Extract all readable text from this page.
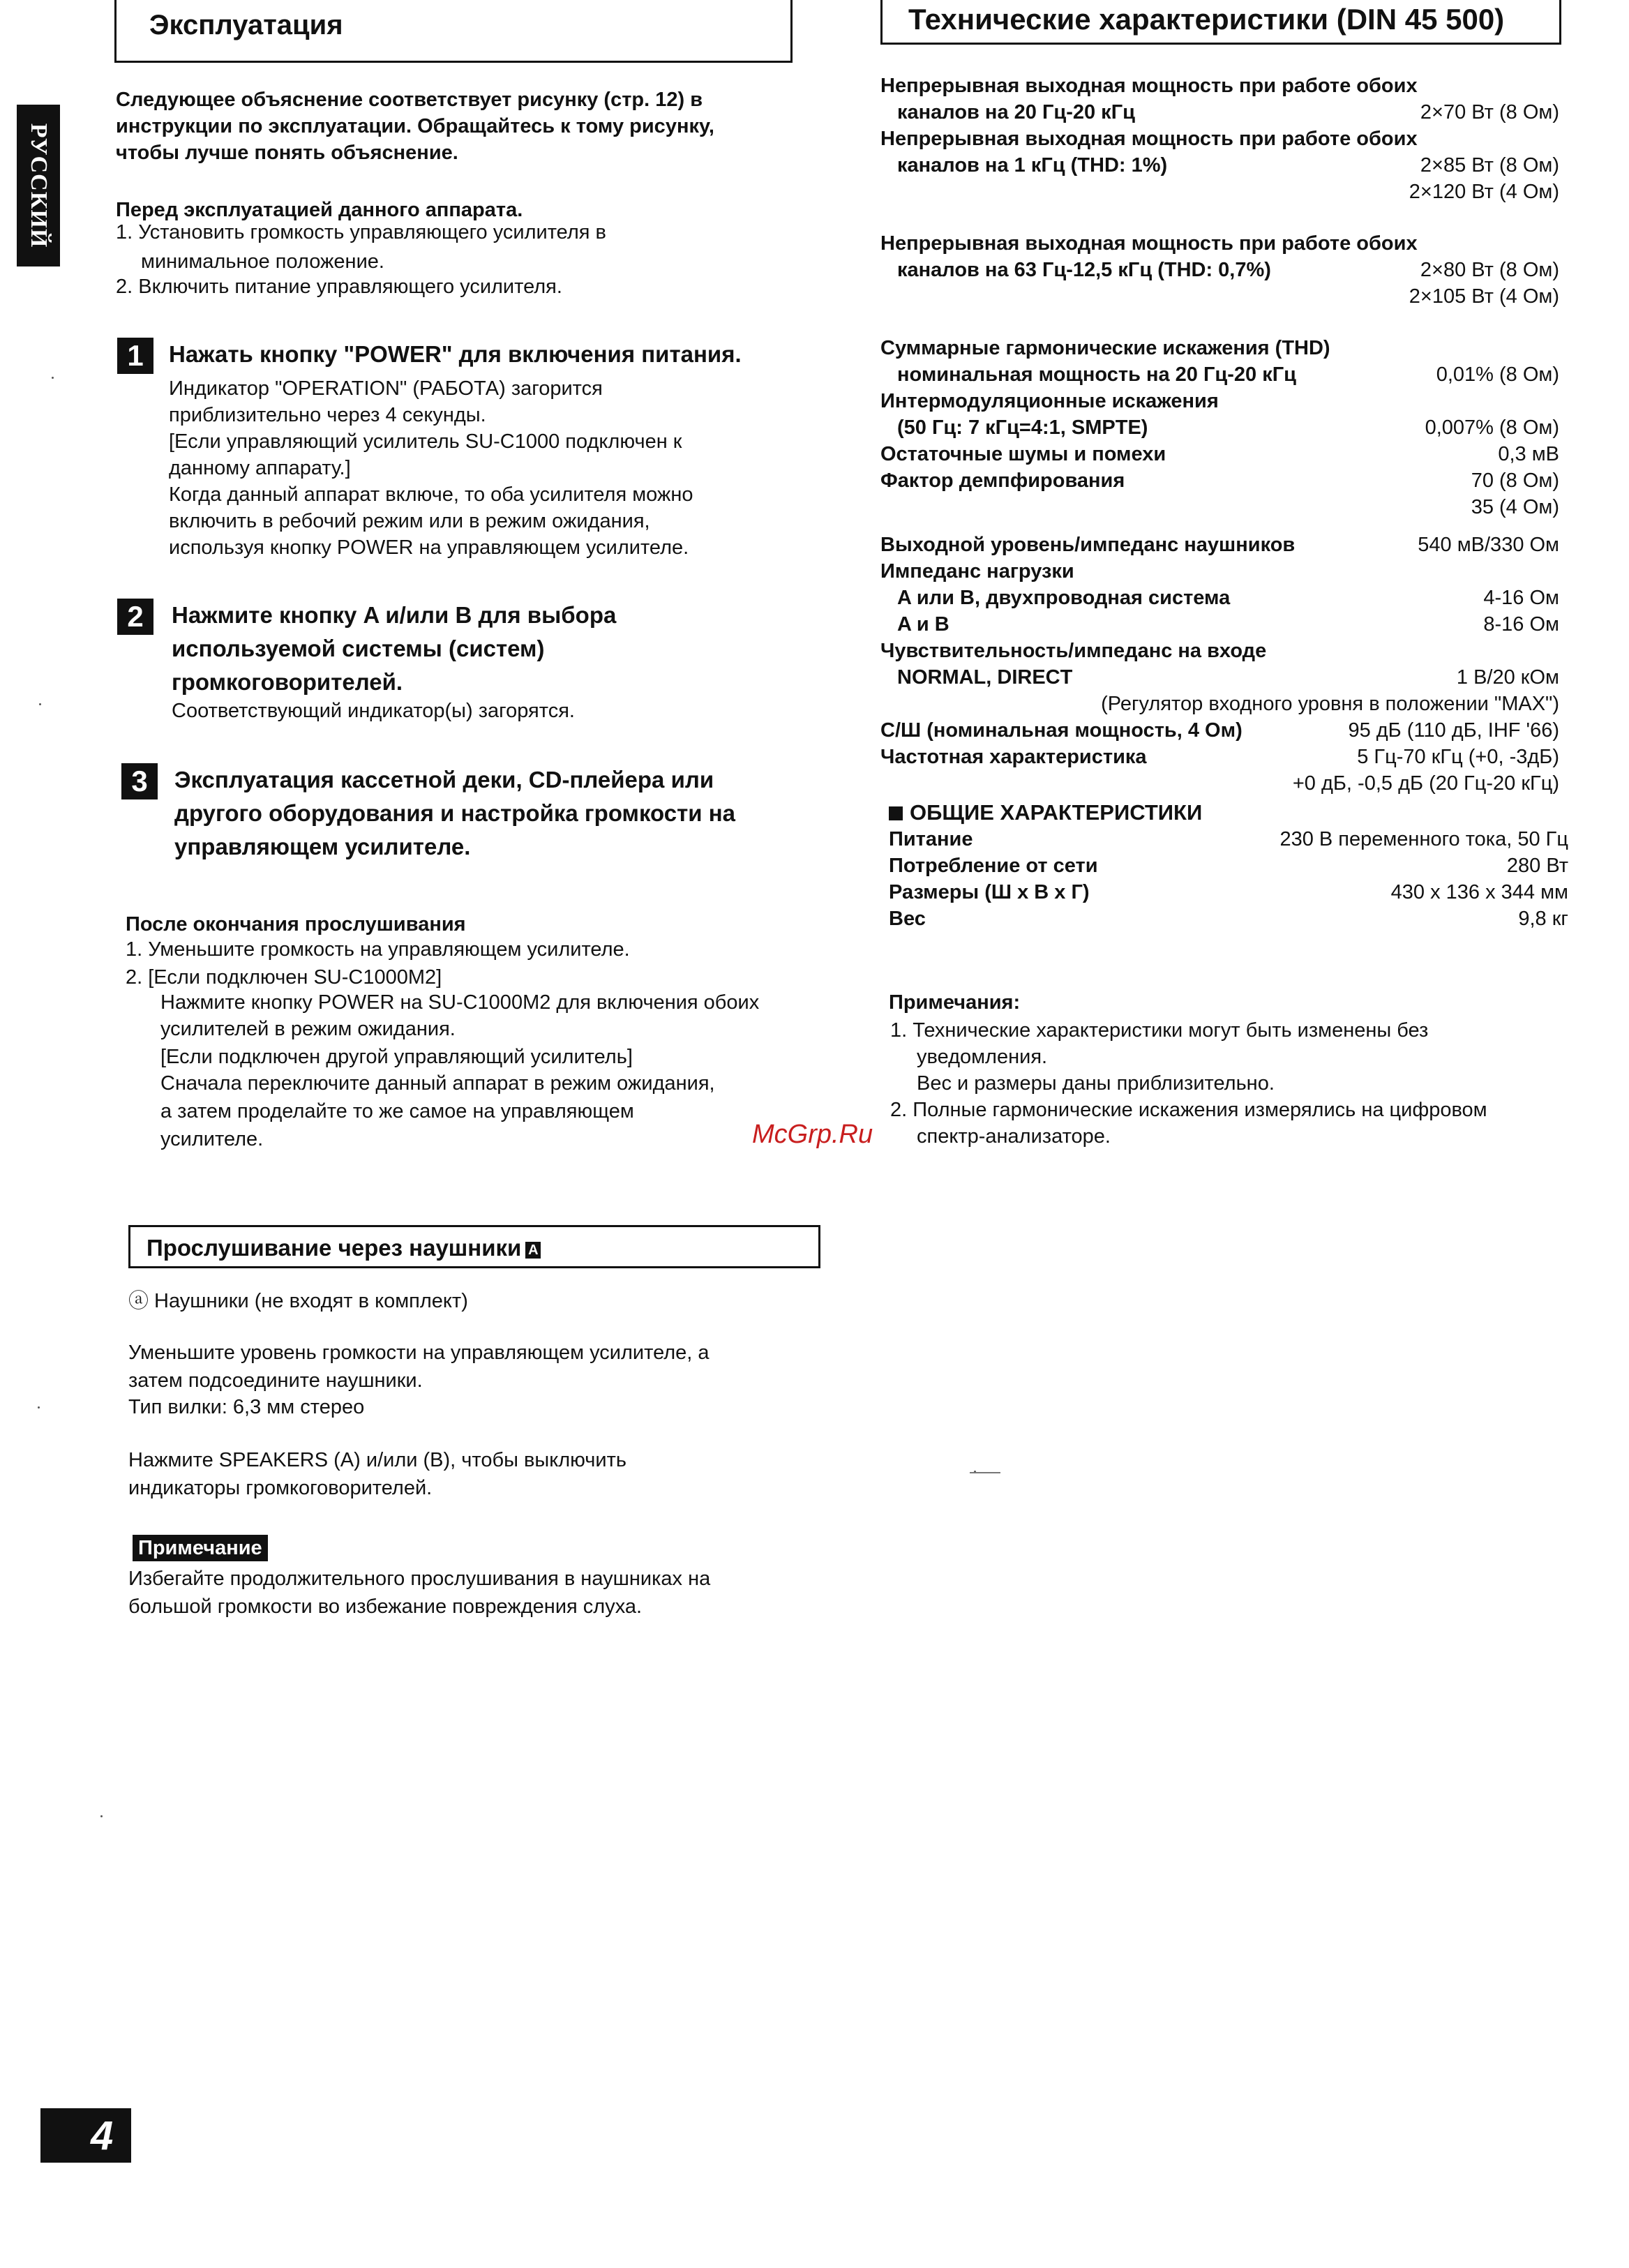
РУССКИЙ
Эксплуатация
Следующее объяснение соответствует рисунку (стр. 12) в
инструкции по эксплуатации. Обращайтесь к тому рисунку,
чтобы лучше понять объяснение.
Перед эксплуатацией данного аппарата.
1. Установить громкость управляющего усилителя в
минимальное положение.
2. Включить питание управляющего усилителя.
1	Нажать кнопку "POWER" для включения питания.
Индикатор "OPERATION" (РАБОТА) загорится
приблизительно через 4 секунды.
[Если управляющий усилитель SU-C1000 подключен к
данному аппарату.]
Когда данный аппарат включе, то оба усилителя можно
включить в ребочий режим или в режим ожидания,
используя кнопку POWER на управляющем усилителе.
2	Нажмите кнопку A и/или B для выбора
используемой системы (систем)
громкоговорителей.
Соответствующий индикатор(ы) загорятся.
3	Эксплуатация кассетной деки, CD-плейера или
другого оборудования и настройка громкости на
управляющем усилителе.
После окончания прослушивания
1. Уменьшите громкость на управляющем усилителе.
2. [Если подключен SU-C1000M2]
Нажмите кнопку POWER на SU-C1000M2 для включения обоих
усилителей в режим ожидания.
[Если подключен другой управляющий усилитель]
Сначала переключите данный аппарат в режим ожидания,
а затем проделайте то же самое на управляющем
усилителе.	McGrp.Ru
Прослушивание через наушники A
ⓐ Наушники (не входят в комплект)
Уменьшите уровень громкости на управляющем усилителе, а
затем подсоедините наушники.
Тип вилки: 6,3 мм стерео
Нажмите SPEAKERS (A) и/или (B), чтобы выключить
индикаторы громкоговорителей.
Примечание
Избегайте продолжительного прослушивания в наушниках на
большой громкости во избежание повреждения слуха.
Технические характеристики (DIN 45 500)
Непрерывная выходная мощность при работе обоих
каналов на 20 Гц-20 кГц	2×70 Вт (8 Ом)
Непрерывная выходная мощность при работе обоих
каналов на 1 кГц (THD: 1%)	2×85 Вт (8 Ом)
2×120 Вт (4 Ом)
Непрерывная выходная мощность при работе обоих
каналов на 63 Гц-12,5 кГц (THD: 0,7%)	2×80 Вт (8 Ом)
2×105 Вт (4 Ом)
Суммарные гармонические искажения (THD)
номинальная мощность на 20 Гц-20 кГц	0,01% (8 Ом)
Интермодуляционные искажения
(50 Гц: 7 кГц=4:1, SMPTE)	0,007% (8 Ом)
Остаточные шумы и помехи	0,3 мВ
Фактор демпфирования	70 (8 Ом)
35 (4 Ом)
Выходной уровень/импеданс наушников	540 мВ/330 Ом
Импеданс нагрузки
A или B, двухпроводная система	4-16 Ом
A и B	8-16 Ом
Чувствительность/импеданс на входе
NORMAL, DIRECT	1 В/20 кОм
(Регулятор входного уровня в положении "MAX")
С/Ш (номинальная мощность, 4 Ом)	95 дБ (110 дБ, IHF '66)
Частотная характеристика	5 Гц-70 кГц (+0, -3дБ)
+0 дБ, -0,5 дБ (20 Гц-20 кГц)
ОБЩИЕ ХАРАКТЕРИСТИКИ
Питание	230 В переменного тока, 50 Гц
Потребление от сети	280 Вт
Размеры (Ш x В x Г)	430 x 136 x 344 мм
Вес	9,8 кг
Примечания:
1. Технические характеристики могут быть изменены без
уведомления.
Вес и размеры даны приблизительно.
2. Полные гармонические искажения измерялись на цифровом
спектр-анализаторе.
4
